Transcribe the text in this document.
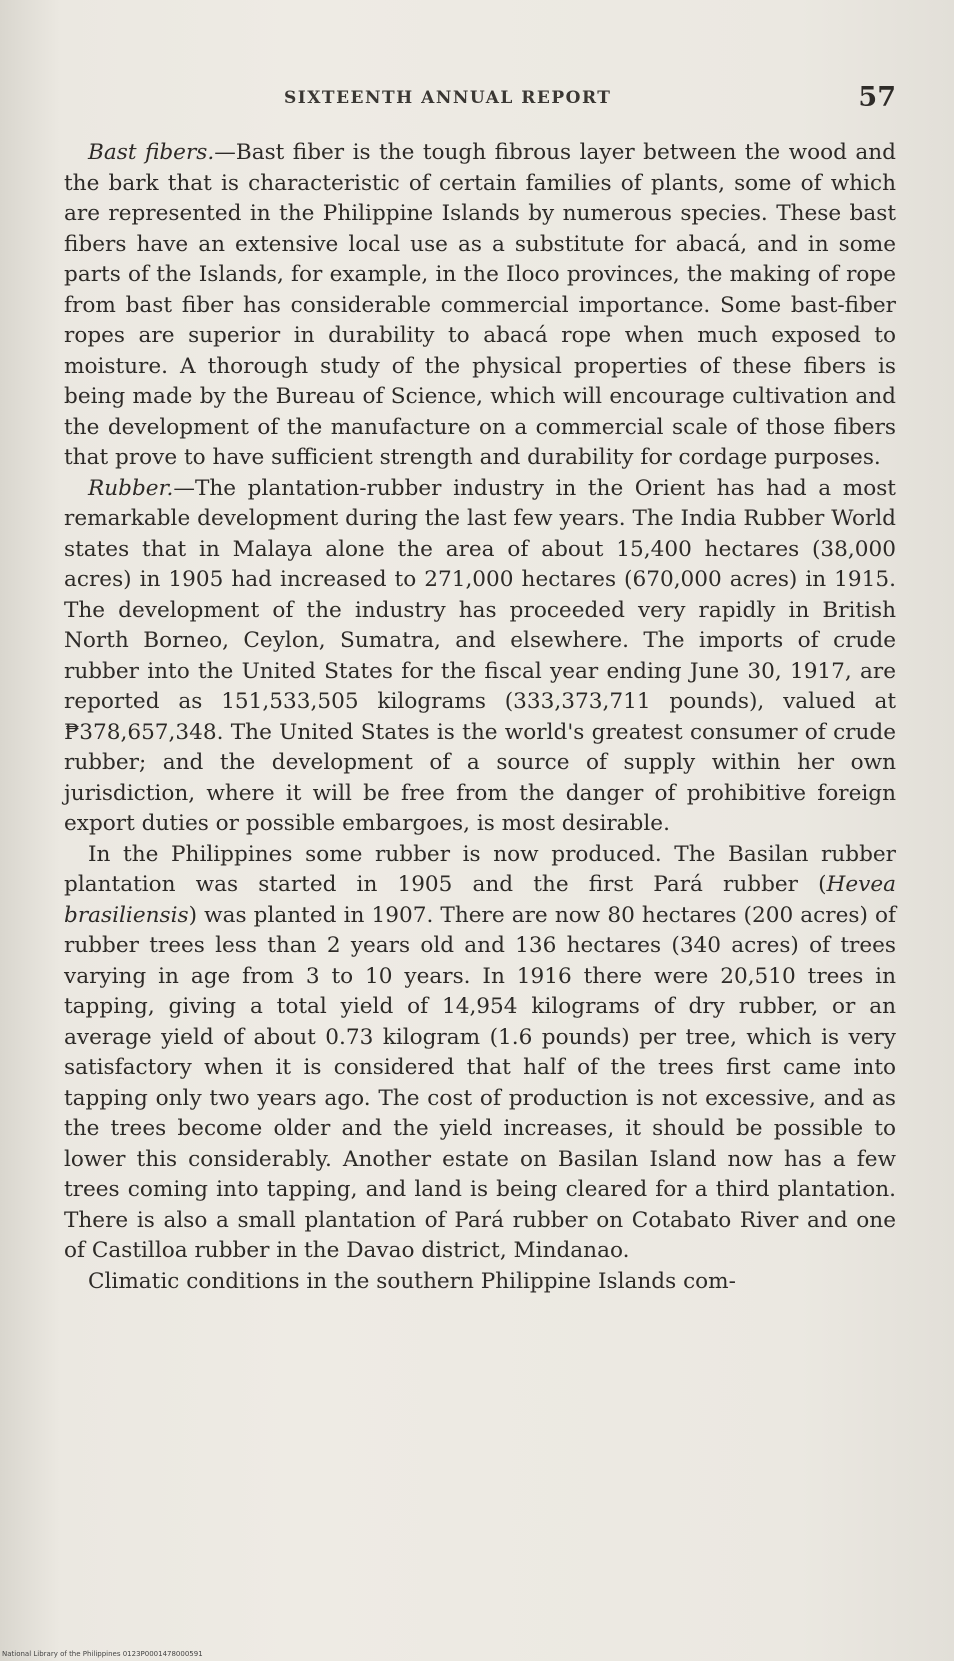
SIXTEENTH ANNUAL REPORT	57

Bast fibers.—Bast fiber is the tough fibrous layer between the wood and the bark that is characteristic of certain families of plants, some of which are represented in the Philippine Islands by numerous species. These bast fibers have an extensive local use as a substitute for abacá, and in some parts of the Islands, for example, in the Iloco provinces, the making of rope from bast fiber has considerable commercial importance. Some bast-fiber ropes are superior in durability to abacá rope when much exposed to moisture. A thorough study of the physical properties of these fibers is being made by the Bureau of Science, which will encourage cultivation and the development of the manufacture on a commercial scale of those fibers that prove to have sufficient strength and durability for cordage purposes.

Rubber.—The plantation-rubber industry in the Orient has had a most remarkable development during the last few years. The India Rubber World states that in Malaya alone the area of about 15,400 hectares (38,000 acres) in 1905 had increased to 271,000 hectares (670,000 acres) in 1915. The development of the industry has proceeded very rapidly in British North Borneo, Ceylon, Sumatra, and elsewhere. The imports of crude rubber into the United States for the fiscal year ending June 30, 1917, are reported as 151,533,505 kilograms (333,373,711 pounds), valued at ₱378,657,348. The United States is the world's greatest consumer of crude rubber; and the development of a source of supply within her own jurisdiction, where it will be free from the danger of prohibitive foreign export duties or possible embargoes, is most desirable.

In the Philippines some rubber is now produced. The Basilan rubber plantation was started in 1905 and the first Pará rubber (Hevea brasiliensis) was planted in 1907. There are now 80 hectares (200 acres) of rubber trees less than 2 years old and 136 hectares (340 acres) of trees varying in age from 3 to 10 years. In 1916 there were 20,510 trees in tapping, giving a total yield of 14,954 kilograms of dry rubber, or an average yield of about 0.73 kilogram (1.6 pounds) per tree, which is very satisfactory when it is considered that half of the trees first came into tapping only two years ago. The cost of production is not excessive, and as the trees become older and the yield increases, it should be possible to lower this considerably. Another estate on Basilan Island now has a few trees coming into tapping, and land is being cleared for a third plantation. There is also a small plantation of Pará rubber on Cotabato River and one of Castilloa rubber in the Davao district, Mindanao.

Climatic conditions in the southern Philippine Islands com-

National Library of the Philippines 0123P0001478000591
